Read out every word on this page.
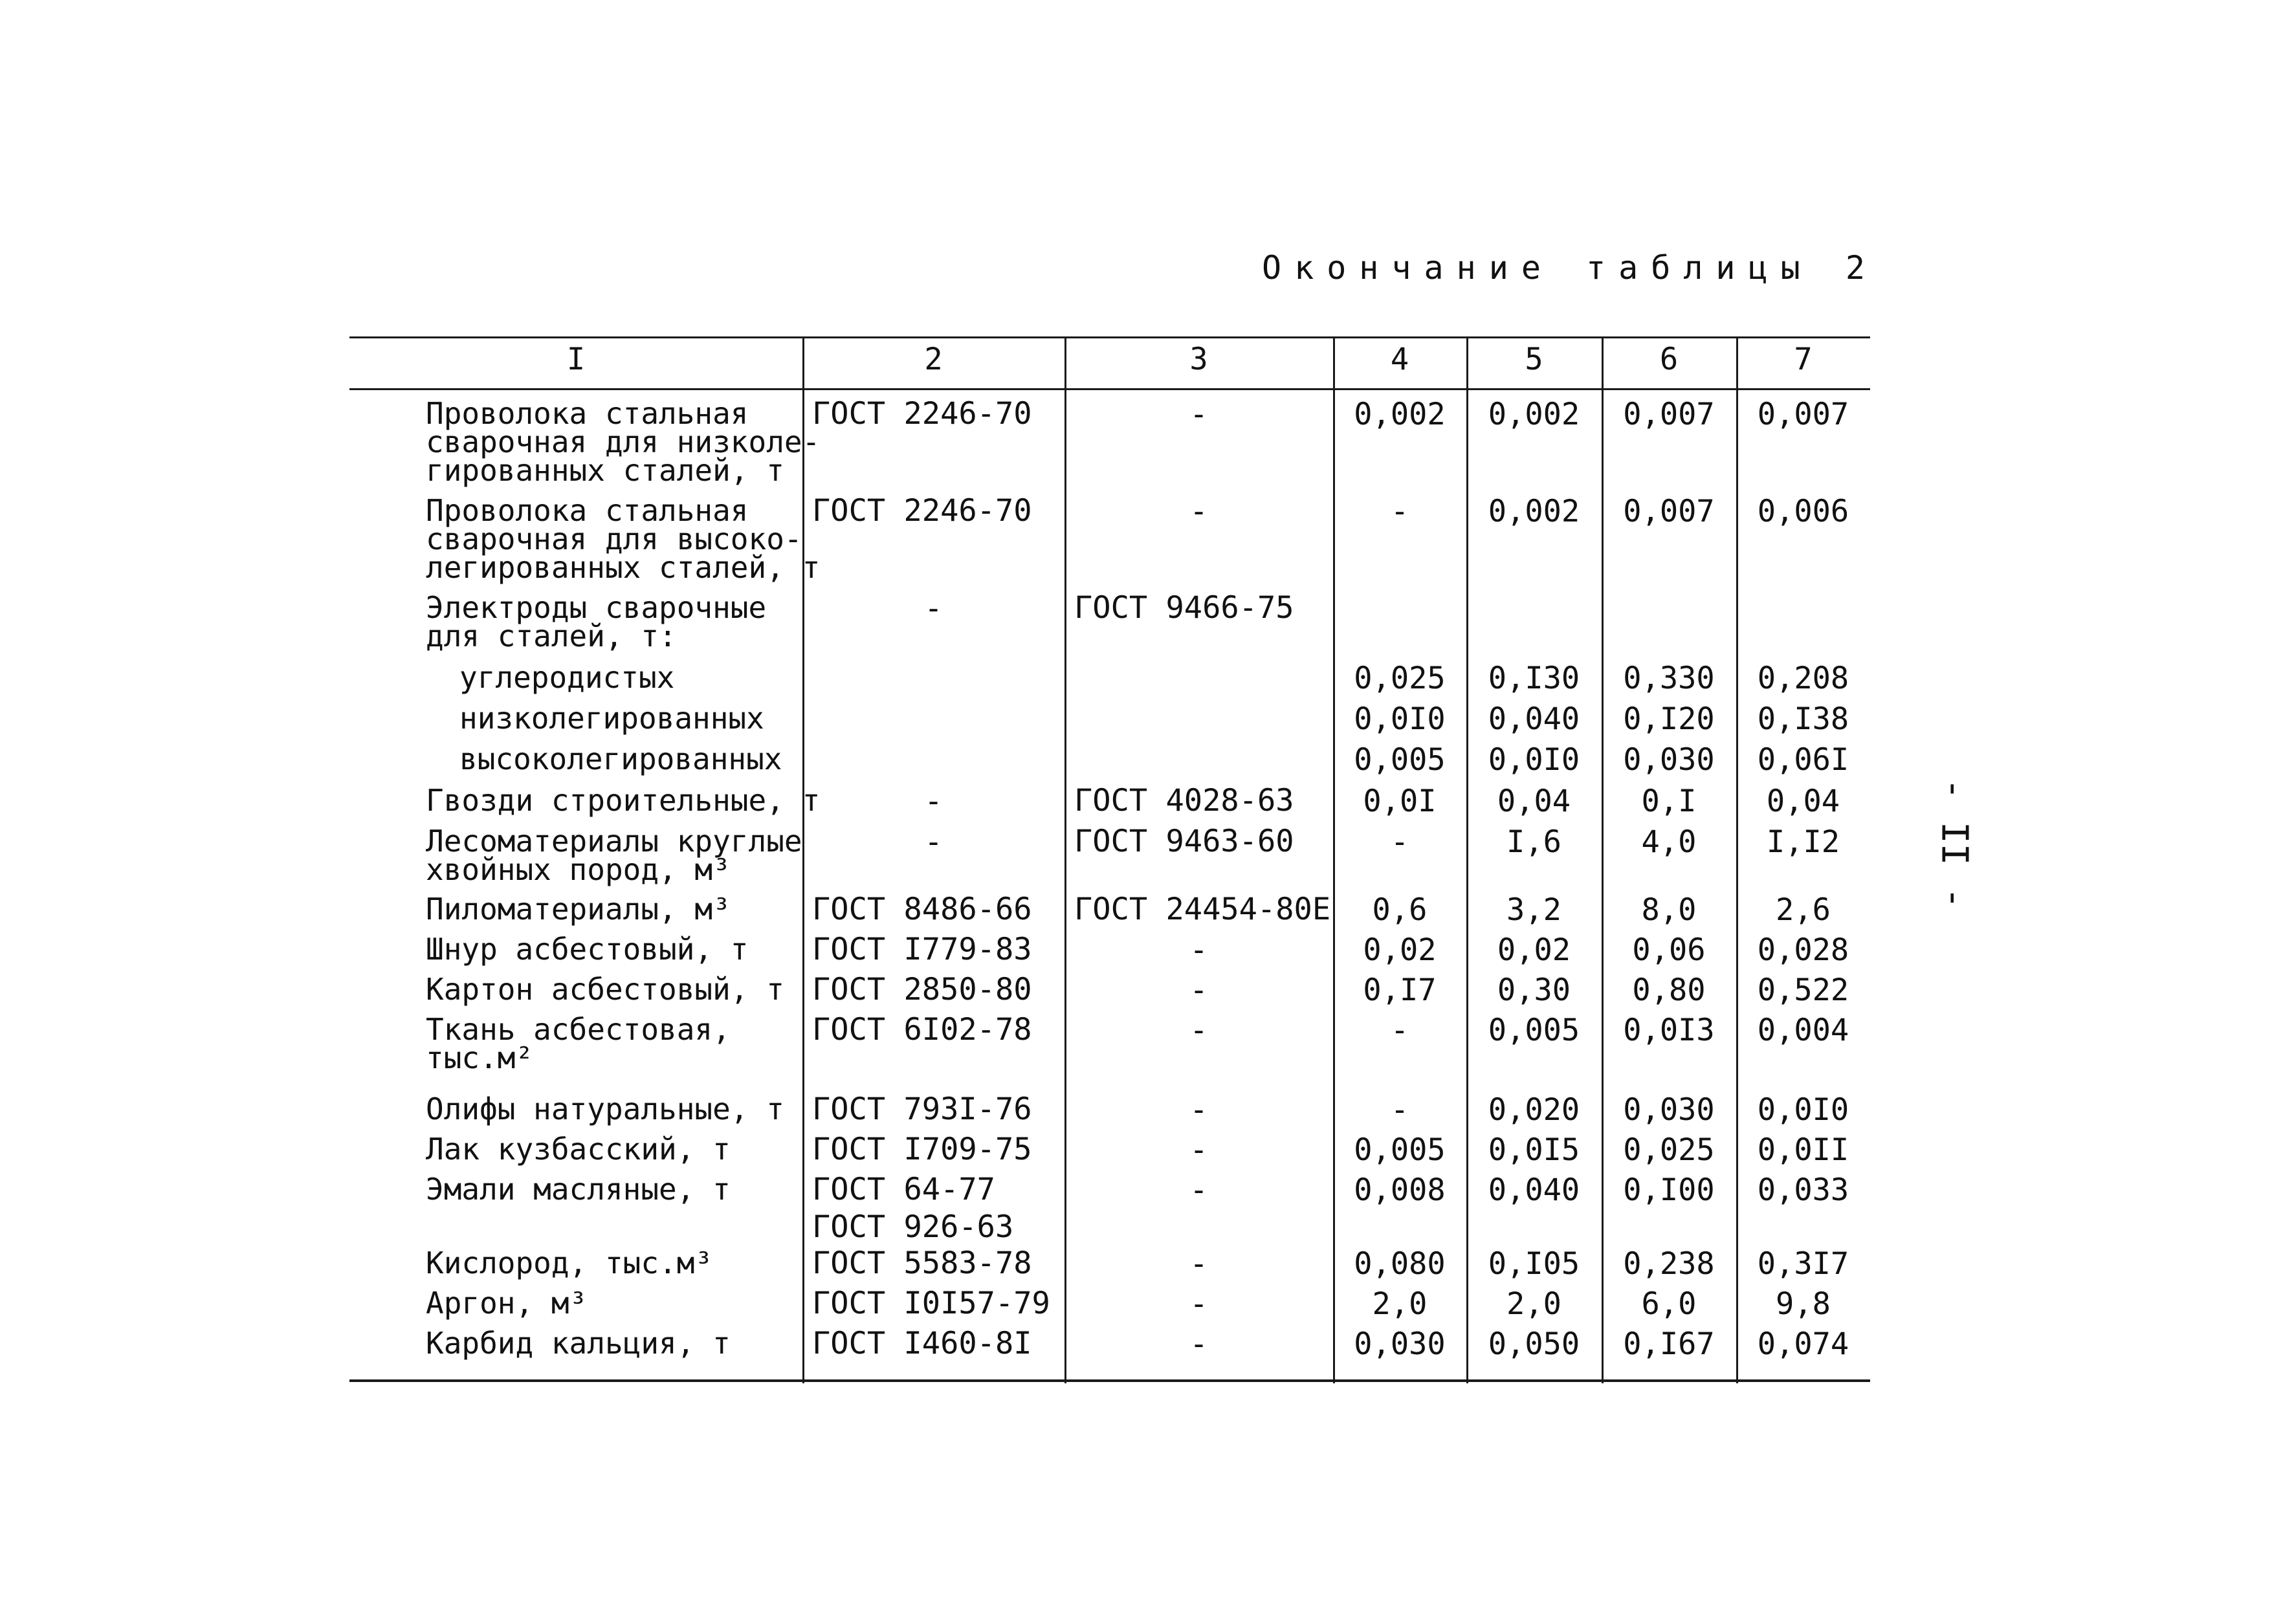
Окончание таблицы 2
- II -
I	2	3	4	5	6	7
Проволока стальная
сварочная для низколе-
гированных сталей, т
ГОСТ 2246-70	-	0,002	0,002	0,007	0,007
Проволока стальная
сварочная для высоко-
легированных сталей, т
ГОСТ 2246-70	-	-	0,002	0,007	0,006
Электроды сварочные
для сталей, т:
-	ГОСТ 9466-75
углеродистых	0,025	0,I30	0,330	0,208
низколегированных	0,0I0	0,040	0,I20	0,I38
высоколегированных	0,005	0,0I0	0,030	0,06I
Гвозди строительные, т	-	ГОСТ 4028-63	0,0I	0,04	0,I	0,04
Лесоматериалы круглые
хвойных пород, м³
-	ГОСТ 9463-60	-	I,6	4,0	I,I2
Пиломатериалы, м³	ГОСТ 8486-66 ГОСТ 24454-80Е	0,6	3,2	8,0	2,6
Шнур асбестовый, т ГОСТ I779-83	-	0,02	0,02	0,06	0,028
Картон асбестовый, т ГОСТ 2850-80	-	0,I7	0,30	0,80	0,522
Ткань асбестовая,
тыс.м²
ГОСТ 6I02-78	-	-	0,005	0,0I3	0,004
Олифы натуральные, т ГОСТ 793I-76	-	-	0,020	0,030	0,0I0
Лак кузбасский, т	ГОСТ I709-75	-	0,005	0,0I5	0,025	0,0II
Эмали масляные, т	ГОСТ 64-77
ГОСТ 926-63
-	0,008	0,040	0,I00	0,033
Кислород, тыс.м³	ГОСТ 5583-78	-	0,080	0,I05	0,238	0,3I7
Аргон, м³	ГОСТ I0I57-79	-	2,0	2,0	6,0	9,8
Карбид кальция, т	ГОСТ I460-8I	-	0,030	0,050	0,I67	0,074
